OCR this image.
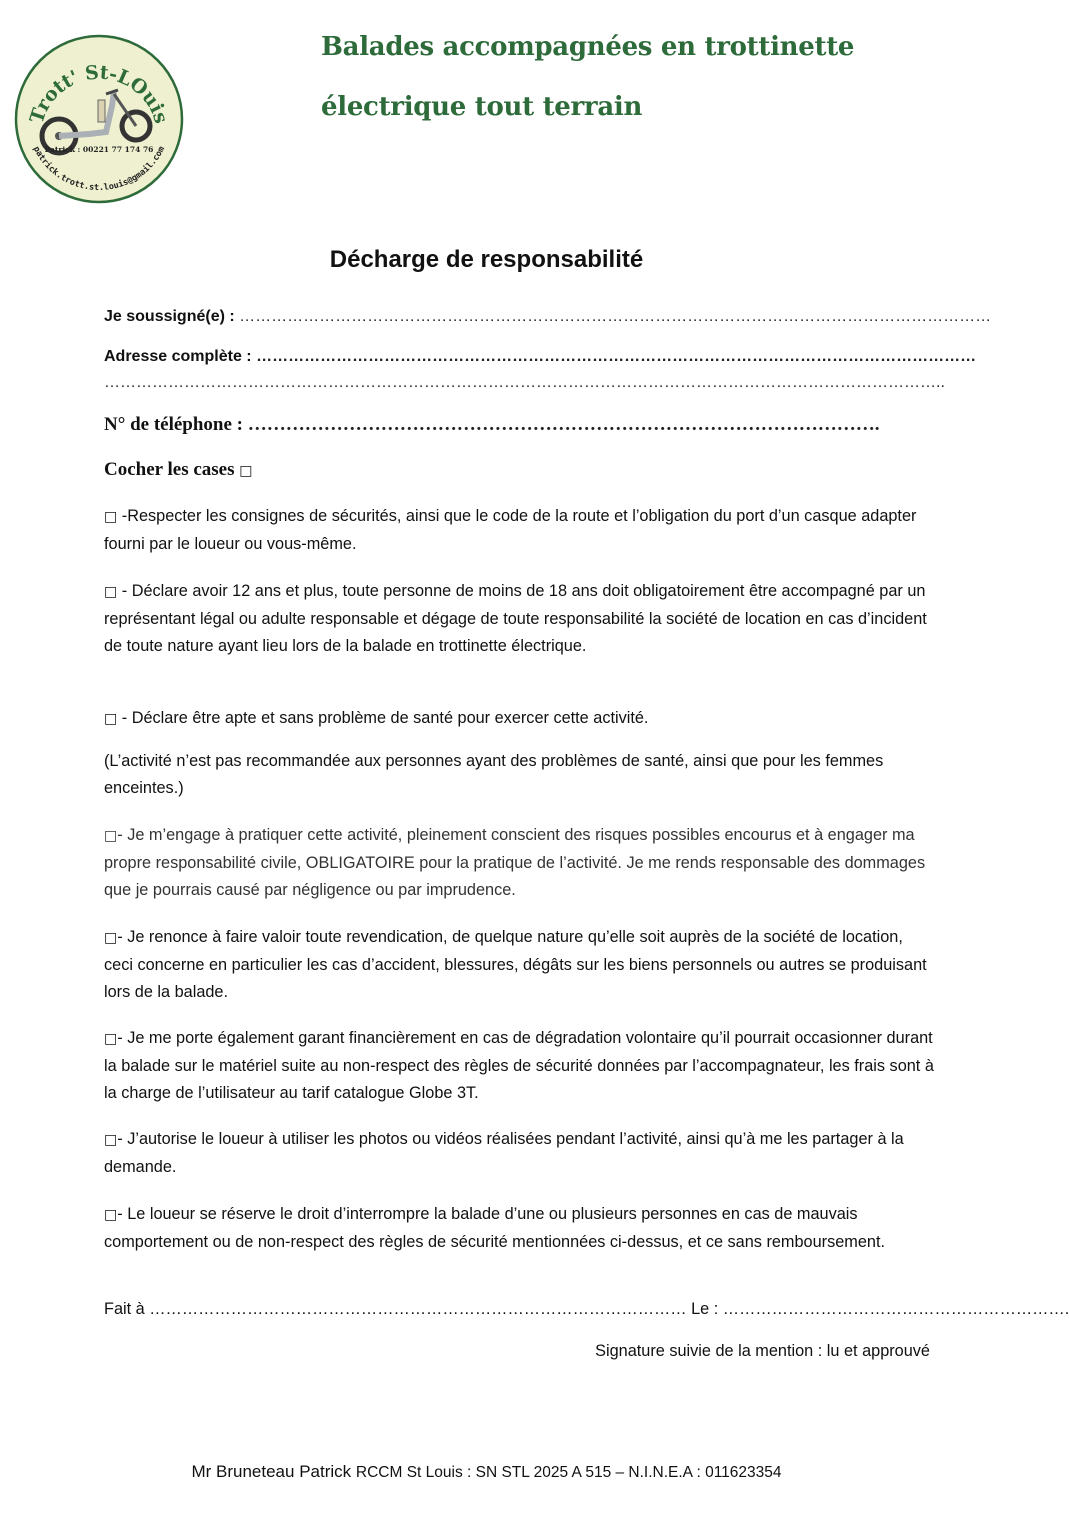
Trott' St-LOuis
Patrick : 00221 77 174 76
patrick.trott.st.louis@gmail.com
Balades accompagnées en trottinette
électrique tout terrain
Décharge de responsabilité
Je soussigné(e) : ……………………………………………………………………………………………………………………………
Adresse complète : ………………………………………………………………………………………………………………………
…………………………………………………………………………………………………………………………………………..
N° de téléphone : ……………………………………………………………………………………….
Cocher les cases □
□ -Respecter les consignes de sécurités, ainsi que le code de la route et l’obligation du port d’un casque adapter fourni par le loueur ou vous-même.
□ - Déclare avoir 12 ans et plus, toute personne de moins de 18 ans doit obligatoirement être accompagné par un représentant légal ou adulte responsable et dégage de toute responsabilité la société de location en cas d’incident de toute nature ayant lieu lors de la balade en trottinette électrique.
□ - Déclare être apte et sans problème de santé pour exercer cette activité.
(L’activité n’est pas recommandée aux personnes ayant des problèmes de santé, ainsi que pour les femmes enceintes.)
□- Je m’engage à pratiquer cette activité, pleinement conscient des risques possibles encourus et à engager ma propre responsabilité civile, OBLIGATOIRE pour la pratique de l’activité. Je me rends responsable des dommages que je pourrais causé par négligence ou par imprudence.
□- Je renonce à faire valoir toute revendication, de quelque nature qu’elle soit auprès de la société de location, ceci concerne en particulier les cas d’accident, blessures, dégâts sur les biens personnels ou autres se produisant lors de la balade.
□- Je me porte également garant financièrement en cas de dégradation volontaire qu’il pourrait occasionner durant la balade sur le matériel suite au non-respect des règles de sécurité données par l’accompagnateur, les frais sont à la charge de l’utilisateur au tarif catalogue Globe 3T.
□- J’autorise le loueur à utiliser les photos ou vidéos réalisées pendant l’activité, ainsi qu’à me les partager à la demande.
□- Le loueur se réserve le droit d’interrompre la balade d’une ou plusieurs personnes en cas de mauvais comportement ou de non-respect des règles de sécurité mentionnées ci-dessus, et ce sans remboursement.
Fait à ……………………………………………………………………………………… Le : ……………………………………………………….
Signature suivie de la mention : lu et approuvé
Mr Bruneteau Patrick RCCM St Louis : SN STL 2025 A 515 – N.I.N.E.A : 011623354
